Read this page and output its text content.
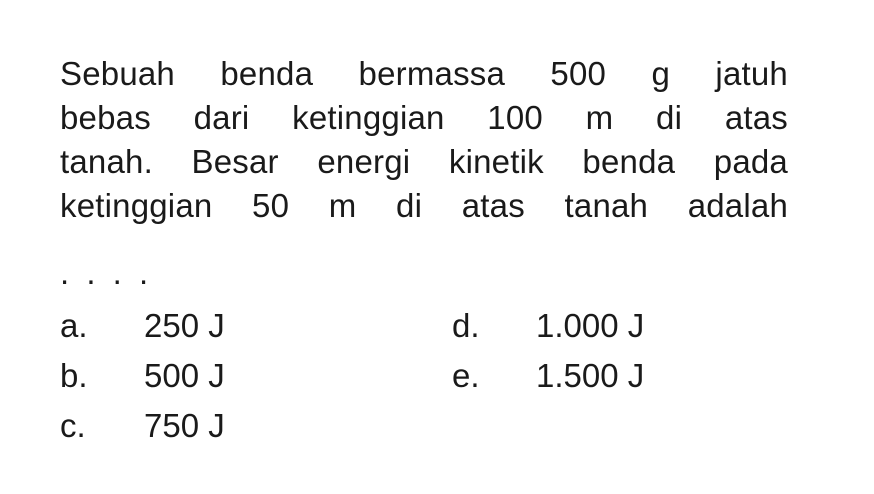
Sebuah benda bermassa 500 g jatuh
bebas dari ketinggian 100 m di atas
tanah. Besar energi kinetik benda pada
ketinggian 50 m di atas tanah adalah
. . . .
a. 250 J
b. 500 J
c. 750 J
d. 1.000 J
e. 1.500 J
